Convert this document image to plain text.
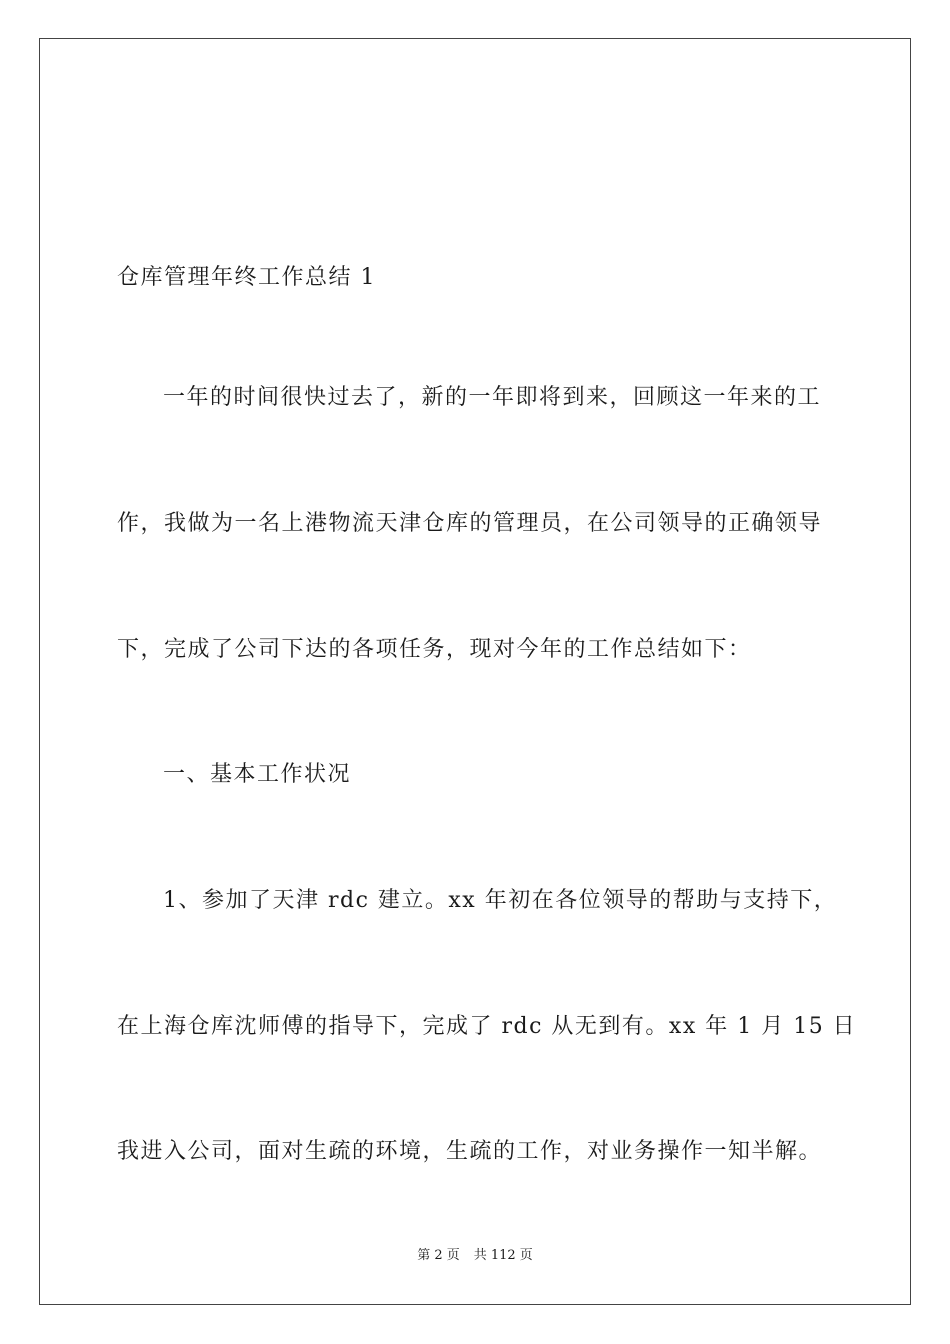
仓库管理年终工作总结 1
一年的时间很快过去了，新的一年即将到来，回顾这一年来的工
作，我做为一名上港物流天津仓库的管理员，在公司领导的正确领导
下，完成了公司下达的各项任务，现对今年的工作总结如下：
一、基本工作状况
1、参加了天津 rdc 建立。xx 年初在各位领导的帮助与支持下，
在上海仓库沈师傅的指导下，完成了 rdc 从无到有。xx 年 1 月 15 日
我进入公司，面对生疏的环境，生疏的工作，对业务操作一知半解。
第 2 页 共 112 页
